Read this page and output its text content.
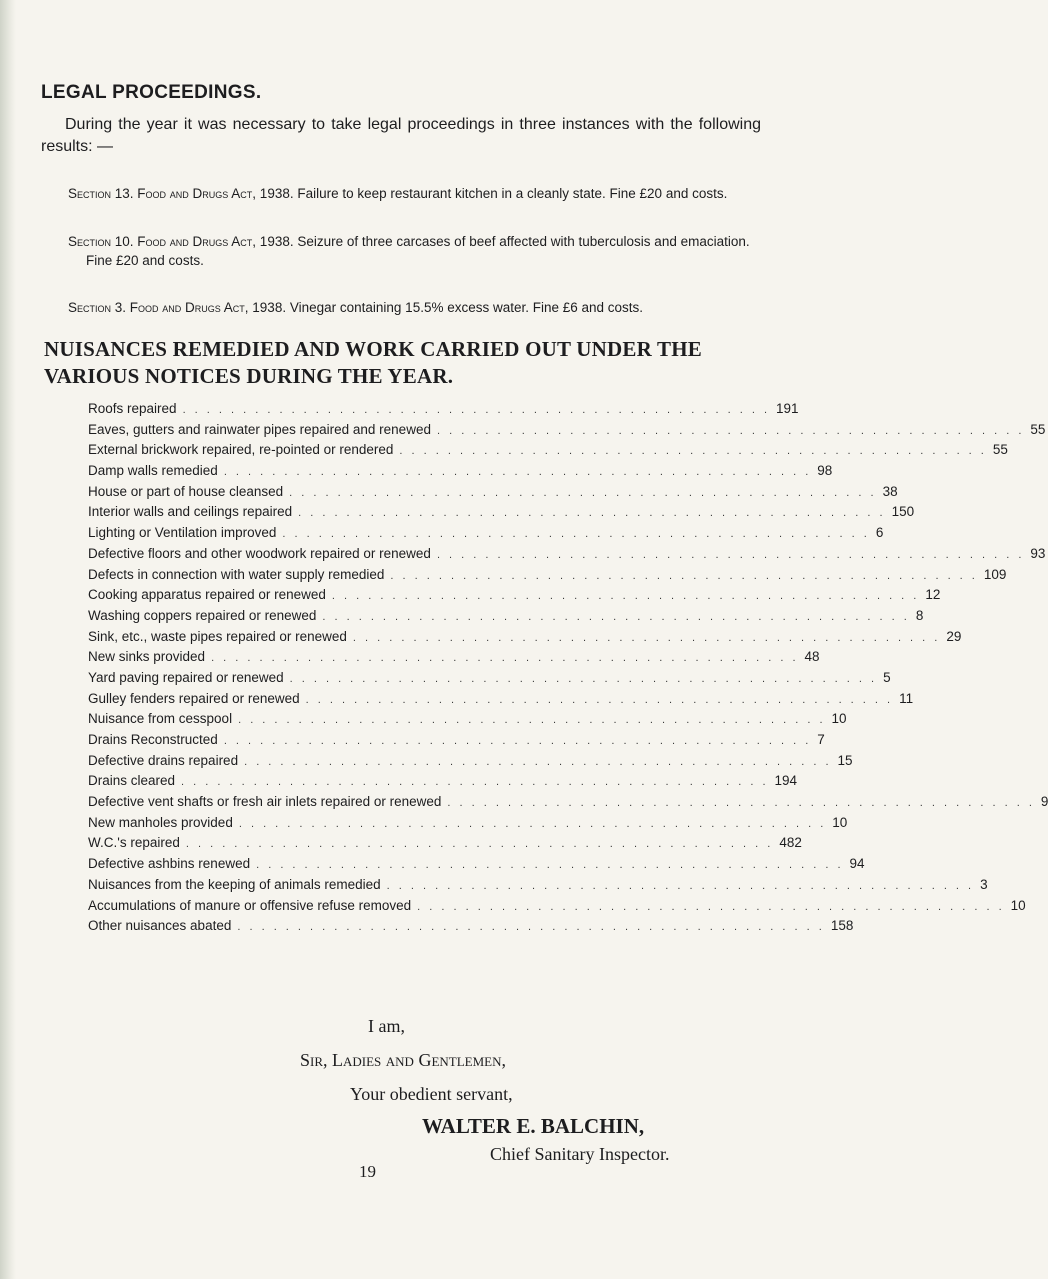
LEGAL PROCEEDINGS.

During the year it was necessary to take legal proceedings in three instances with the following results: —

Section 13. Food and Drugs Act, 1938. Failure to keep restaurant kitchen in a cleanly state. Fine £20 and costs.

Section 10. Food and Drugs Act, 1938. Seizure of three carcases of beef affected with tuberculosis and emaciation. Fine £20 and costs.

Section 3. Food and Drugs Act, 1938. Vinegar containing 15.5% excess water. Fine £6 and costs.

NUISANCES REMEDIED AND WORK CARRIED OUT UNDER THE VARIOUS NOTICES DURING THE YEAR.
Roofs repaired . . . . . . . . . . . . . . . . . . . . . . . . . . . . . . . . . . . . . . . . . . . . . . . . . 191
Eaves, gutters and rainwater pipes repaired and renewed . . . . . . . . . . . . . . . . . . . . . . . . . . . . . . . . . . . . . . . . . . . . . . . . . 55
External brickwork repaired, re-pointed or rendered . . . . . . . . . . . . . . . . . . . . . . . . . . . . . . . . . . . . . . . . . . . . . . . . . 55
Damp walls remedied . . . . . . . . . . . . . . . . . . . . . . . . . . . . . . . . . . . . . . . . . . . . . . . . . 98
House or part of house cleansed . . . . . . . . . . . . . . . . . . . . . . . . . . . . . . . . . . . . . . . . . . . . . . . . . 38
Interior walls and ceilings repaired . . . . . . . . . . . . . . . . . . . . . . . . . . . . . . . . . . . . . . . . . . . . . . . . . 150
Lighting or Ventilation improved . . . . . . . . . . . . . . . . . . . . . . . . . . . . . . . . . . . . . . . . . . . . . . . . . 6
Defective floors and other woodwork repaired or renewed . . . . . . . . . . . . . . . . . . . . . . . . . . . . . . . . . . . . . . . . . . . . . . . . . 93
Defects in connection with water supply remedied . . . . . . . . . . . . . . . . . . . . . . . . . . . . . . . . . . . . . . . . . . . . . . . . . 109
Cooking apparatus repaired or renewed . . . . . . . . . . . . . . . . . . . . . . . . . . . . . . . . . . . . . . . . . . . . . . . . . 12
Washing coppers repaired or renewed . . . . . . . . . . . . . . . . . . . . . . . . . . . . . . . . . . . . . . . . . . . . . . . . . 8
Sink, etc., waste pipes repaired or renewed . . . . . . . . . . . . . . . . . . . . . . . . . . . . . . . . . . . . . . . . . . . . . . . . . 29
New sinks provided . . . . . . . . . . . . . . . . . . . . . . . . . . . . . . . . . . . . . . . . . . . . . . . . . 48
Yard paving repaired or renewed . . . . . . . . . . . . . . . . . . . . . . . . . . . . . . . . . . . . . . . . . . . . . . . . . 5
Gulley fenders repaired or renewed . . . . . . . . . . . . . . . . . . . . . . . . . . . . . . . . . . . . . . . . . . . . . . . . . 11
Nuisance from cesspool . . . . . . . . . . . . . . . . . . . . . . . . . . . . . . . . . . . . . . . . . . . . . . . . . 10
Drains Reconstructed . . . . . . . . . . . . . . . . . . . . . . . . . . . . . . . . . . . . . . . . . . . . . . . . . 7
Defective drains repaired . . . . . . . . . . . . . . . . . . . . . . . . . . . . . . . . . . . . . . . . . . . . . . . . . 15
Drains cleared . . . . . . . . . . . . . . . . . . . . . . . . . . . . . . . . . . . . . . . . . . . . . . . . . 194
Defective vent shafts or fresh air inlets repaired or renewed . . . . . . . . . . . . . . . . . . . . . . . . . . . . . . . . . . . . . . . . . . . . . . . . . 9
New manholes provided . . . . . . . . . . . . . . . . . . . . . . . . . . . . . . . . . . . . . . . . . . . . . . . . . 10
W.C.'s repaired . . . . . . . . . . . . . . . . . . . . . . . . . . . . . . . . . . . . . . . . . . . . . . . . . 482
Defective ashbins renewed . . . . . . . . . . . . . . . . . . . . . . . . . . . . . . . . . . . . . . . . . . . . . . . . . 94
Nuisances from the keeping of animals remedied . . . . . . . . . . . . . . . . . . . . . . . . . . . . . . . . . . . . . . . . . . . . . . . . . 3
Accumulations of manure or offensive refuse removed . . . . . . . . . . . . . . . . . . . . . . . . . . . . . . . . . . . . . . . . . . . . . . . . . 10
Other nuisances abated . . . . . . . . . . . . . . . . . . . . . . . . . . . . . . . . . . . . . . . . . . . . . . . . . 158
I am,
Sir, Ladies and Gentlemen,
Your obedient servant,
WALTER E. BALCHIN,
Chief Sanitary Inspector.
19
